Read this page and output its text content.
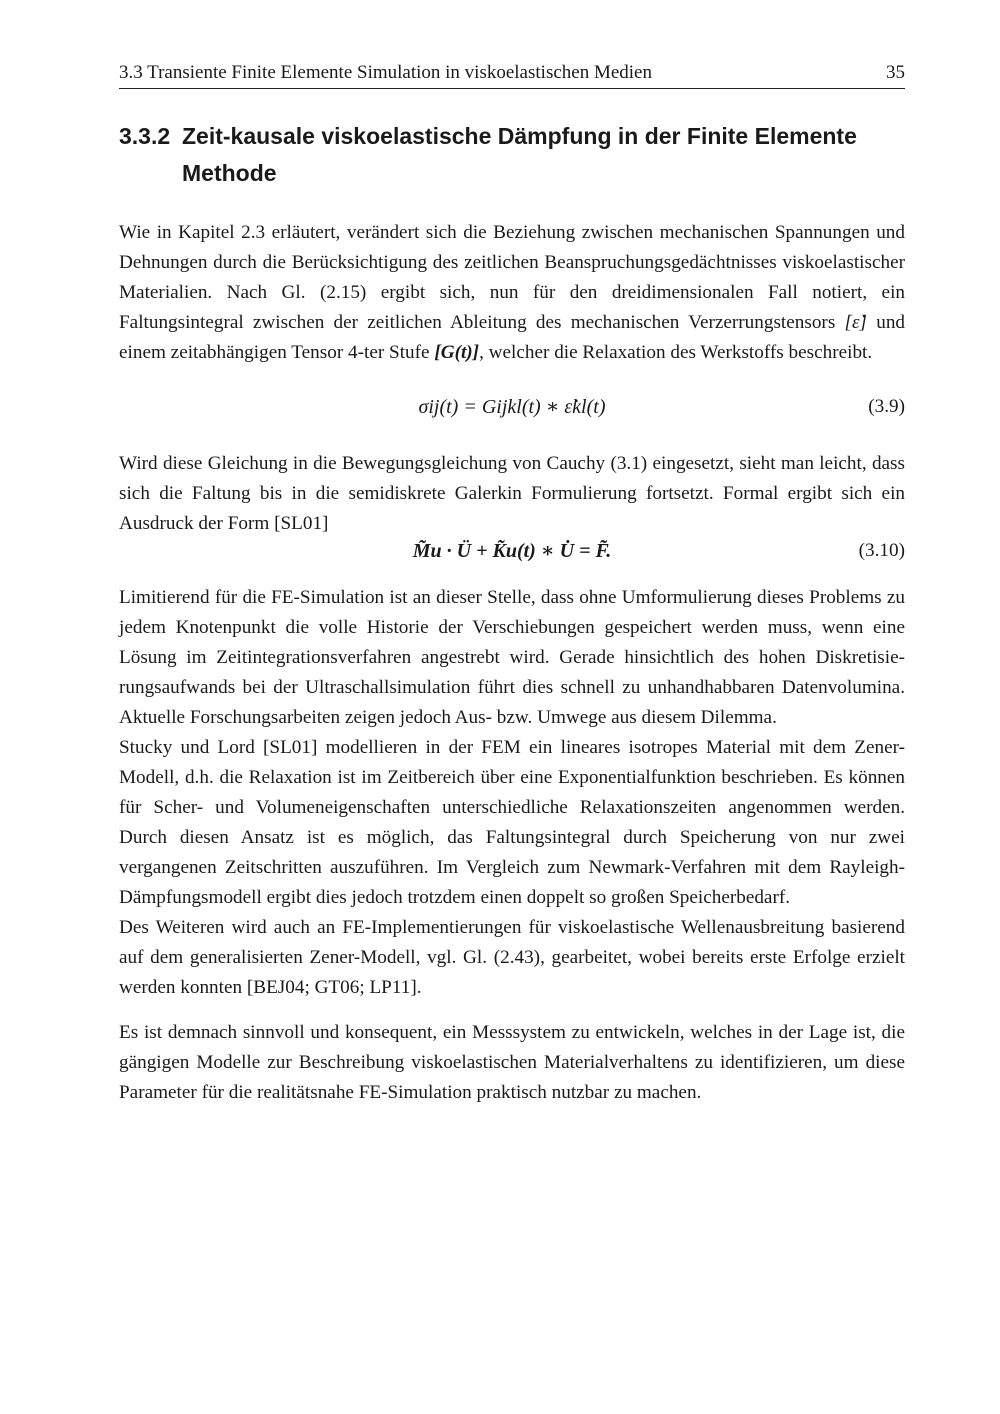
3.3 Transiente Finite Elemente Simulation in viskoelastischen Medien	35
3.3.2 Zeit-kausale viskoelastische Dämpfung in der Finite Elemente Methode

Wie in Kapitel 2.3 erläutert, verändert sich die Beziehung zwischen mechanischen Spannungen und Dehnungen durch die Berücksichtigung des zeitlichen Beanspruchungsgedächtnisses viskoelastischer Materialien. Nach Gl. (2.15) ergibt sich, nun für den dreidimensionalen Fall notiert, ein Faltungsintegral zwischen der zeitlichen Ableitung des mechanischen Verzerrungstensors [ε̇] und einem zeitabhängigen Tensor 4-ter Stufe [G(t)], welcher die Relaxation des Werkstoffs beschreibt.

σij(t) = Gijkl(t) ∗ ε̇kl(t)	(3.9)

Wird diese Gleichung in die Bewegungsgleichung von Cauchy (3.1) eingesetzt, sieht man leicht, dass sich die Faltung bis in die semidiskrete Galerkin Formulierung fortsetzt. Formal ergibt sich ein Ausdruck der Form [SL01]

M̃u · Ü + K̃u(t) ∗ U̇ = F̃.	(3.10)

Limitierend für die FE-Simulation ist an dieser Stelle, dass ohne Umformulierung dieses Problems zu jedem Knotenpunkt die volle Historie der Verschiebungen gespeichert werden muss, wenn eine Lösung im Zeitintegrationsverfahren angestrebt wird. Gerade hinsichtlich des hohen Diskretisierungsaufwands bei der Ultraschallsimulation führt dies schnell zu unhandhabbaren Datenvolumina. Aktuelle Forschungsarbeiten zeigen jedoch Aus- bzw. Umwege aus diesem Dilemma.

Stucky und Lord [SL01] modellieren in der FEM ein lineares isotropes Material mit dem Zener-Modell, d.h. die Relaxation ist im Zeitbereich über eine Exponentialfunktion beschrieben. Es können für Scher- und Volumeneigenschaften unterschiedliche Relaxationszeiten angenommen werden. Durch diesen Ansatz ist es möglich, das Faltungsintegral durch Speicherung von nur zwei vergangenen Zeitschritten auszuführen. Im Vergleich zum Newmark-Verfahren mit dem Rayleigh-Dämpfungsmodell ergibt dies jedoch trotzdem einen doppelt so großen Speicherbedarf.

Des Weiteren wird auch an FE-Implementierungen für viskoelastische Wellenausbreitung basierend auf dem generalisierten Zener-Modell, vgl. Gl. (2.43), gearbeitet, wobei bereits erste Erfolge erzielt werden konnten [BEJ04; GT06; LP11].

Es ist demnach sinnvoll und konsequent, ein Messsystem zu entwickeln, welches in der Lage ist, die gängigen Modelle zur Beschreibung viskoelastischen Materialverhaltens zu identifizieren, um diese Parameter für die realitätsnahe FE-Simulation praktisch nutzbar zu machen.
